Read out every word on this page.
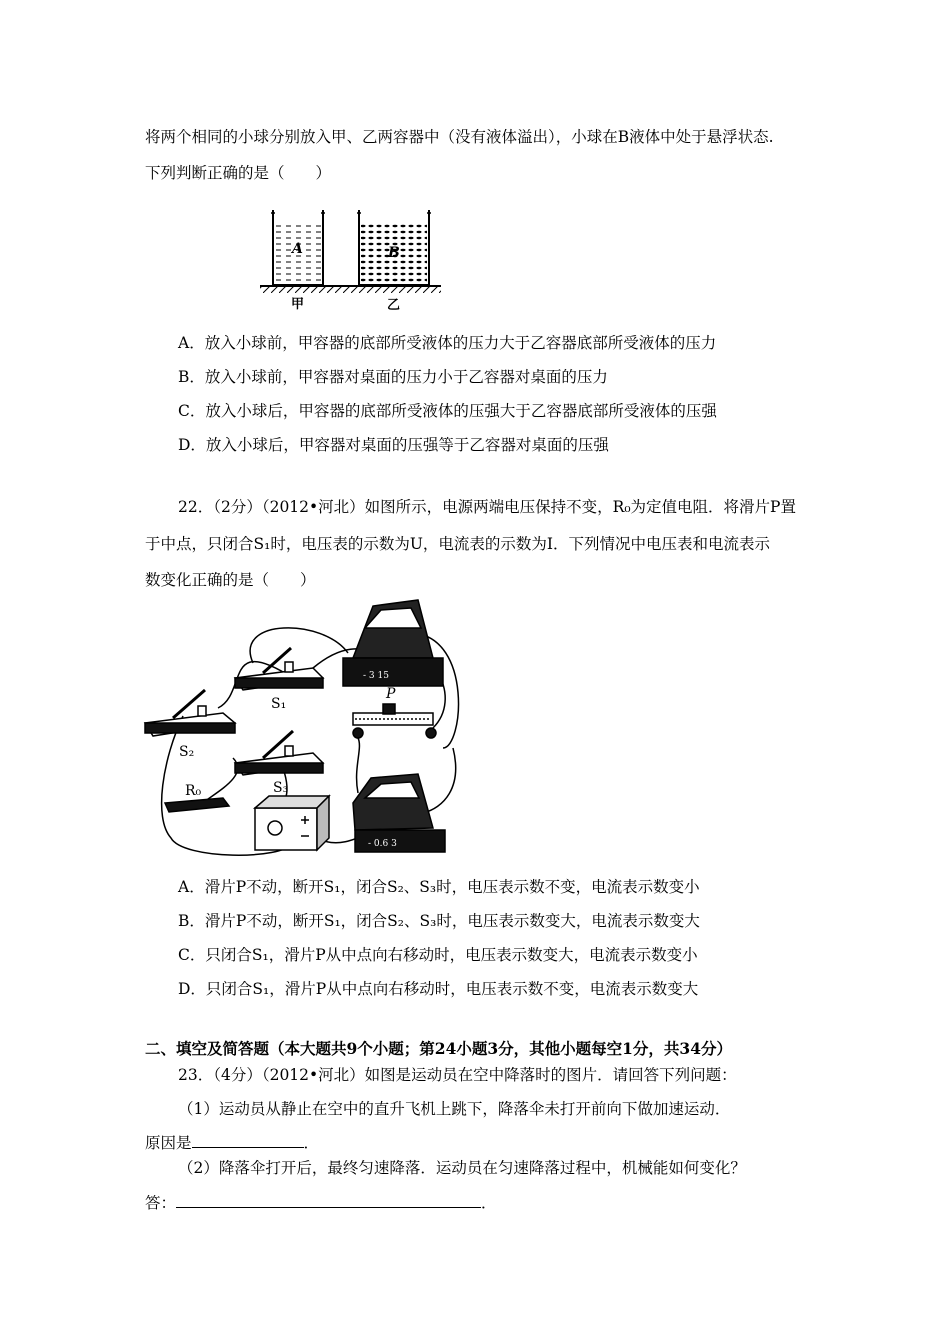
将两个相同的小球分别放入甲、乙两容器中（没有液体溢出），小球在B液体中处于悬浮状态.
下列判断正确的是（　　）
A	B
甲	乙
A．放入小球前，甲容器的底部所受液体的压力大于乙容器底部所受液体的压力
B．放入小球前，甲容器对桌面的压力小于乙容器对桌面的压力
C．放入小球后，甲容器的底部所受液体的压强大于乙容器底部所受液体的压强
D．放入小球后，甲容器对桌面的压强等于乙容器对桌面的压强
22．（2分）（2012•河北）如图所示，电源两端电压保持不变，R₀为定值电阻．将滑片P置
于中点，只闭合S₁时，电压表的示数为U，电流表的示数为I．下列情况中电压表和电流表示
数变化正确的是（　　）
- 3 15
- 0.6 3
S₁
S₂
S₃
P
R₀
A．滑片P不动，断开S₁，闭合S₂、S₃时，电压表示数不变，电流表示数变小
B．滑片P不动，断开S₁，闭合S₂、S₃时，电压表示数变大，电流表示数变大
C．只闭合S₁，滑片P从中点向右移动时，电压表示数变大，电流表示数变小
D．只闭合S₁，滑片P从中点向右移动时，电压表示数不变，电流表示数变大
二、填空及简答题（本大题共9个小题；第24小题3分，其他小题每空1分，共34分）
23．（4分）（2012•河北）如图是运动员在空中降落时的图片．请回答下列问题：
（1）运动员从静止在空中的直升飞机上跳下，降落伞未打开前向下做加速运动．
原因是	．
（2）降落伞打开后，最终匀速降落．运动员在匀速降落过程中，机械能如何变化？
答：	．
